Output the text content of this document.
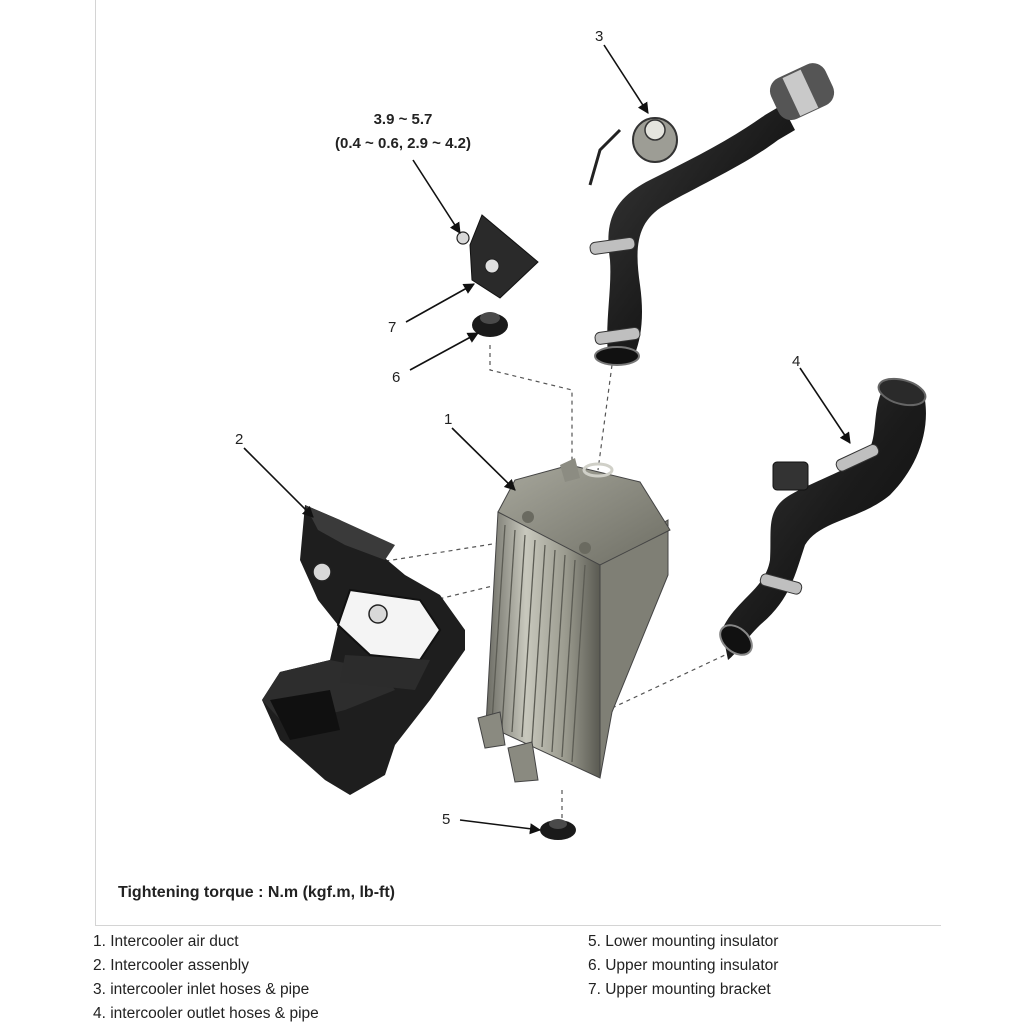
1
2
3
4
5
6
7
3.9 ~ 5.7
(0.4 ~ 0.6, 2.9 ~ 4.2)
Tightening torque : N.m (kgf.m, lb-ft)
1. Intercooler air duct
2. Intercooler assenbly
3. intercooler inlet hoses & pipe
4. intercooler outlet hoses & pipe
5. Lower mounting insulator
6. Upper mounting insulator
7. Upper mounting bracket
